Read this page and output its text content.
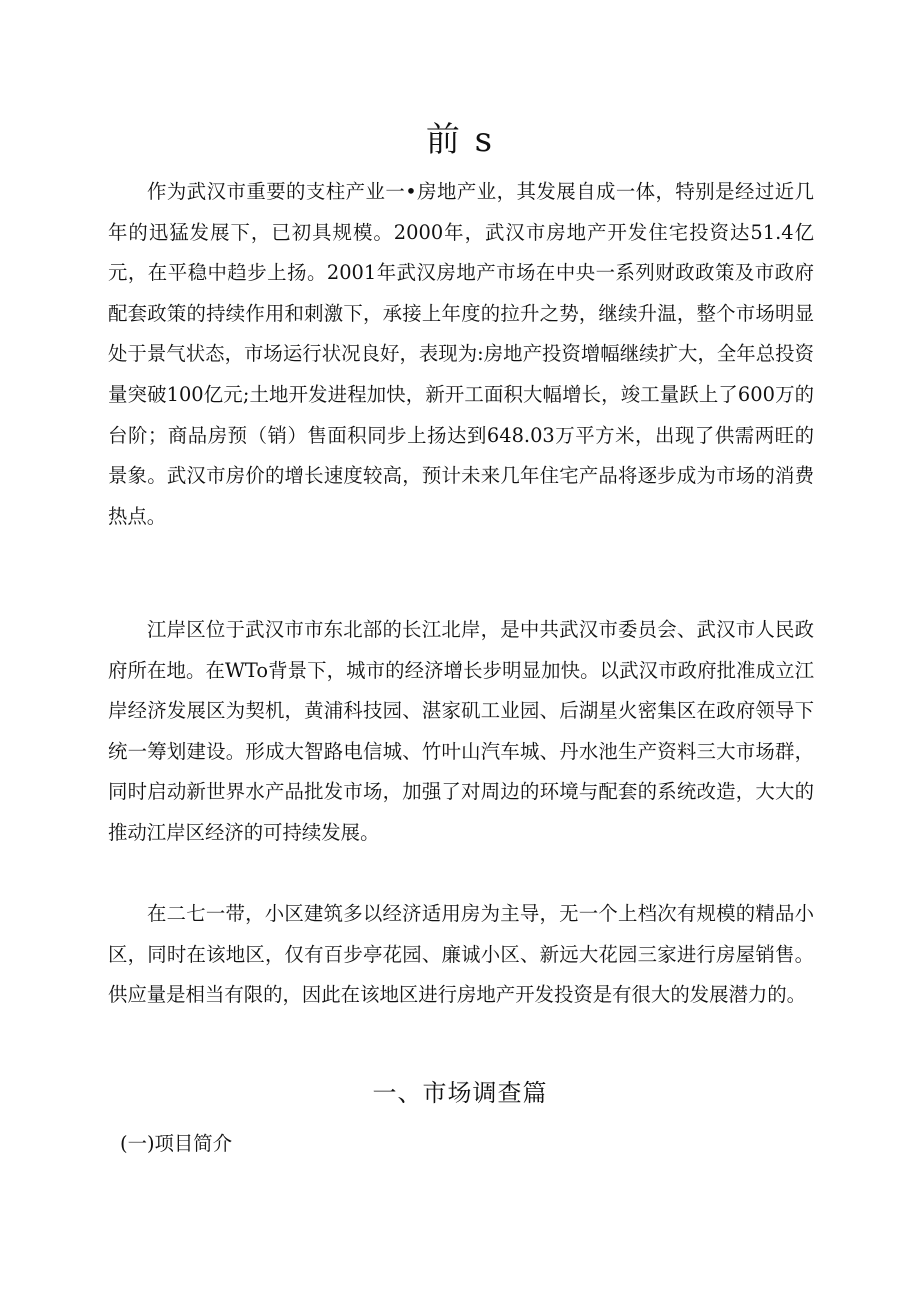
前 s

作为武汉市重要的支柱产业一•房地产业，其发展自成一体，特别是经过近几年的迅猛发展下，已初具规模。2000年，武汉市房地产开发住宅投资达51.4亿元，在平稳中趋步上扬。2001年武汉房地产市场在中央一系列财政政策及市政府配套政策的持续作用和刺激下，承接上年度的拉升之势，继续升温，整个市场明显处于景气状态，市场运行状况良好，表现为:房地产投资增幅继续扩大，全年总投资量突破100亿元;土地开发进程加快，新开工面积大幅增长，竣工量跃上了600万的台阶；商品房预（销）售面积同步上扬达到648.03万平方米，出现了供需两旺的景象。武汉市房价的增长速度较高，预计未来几年住宅产品将逐步成为市场的消费热点。

江岸区位于武汉市市东北部的长江北岸，是中共武汉市委员会、武汉市人民政府所在地。在WTo背景下，城市的经济增长步明显加快。以武汉市政府批准成立江岸经济发展区为契机，黄浦科技园、湛家矶工业园、后湖星火密集区在政府领导下统一筹划建设。形成大智路电信城、竹叶山汽车城、丹水池生产资料三大市场群，同时启动新世界水产品批发市场，加强了对周边的环境与配套的系统改造，大大的推动江岸区经济的可持续发展。

在二七一带，小区建筑多以经济适用房为主导，无一个上档次有规模的精品小区，同时在该地区，仅有百步亭花园、廉诚小区、新远大花园三家进行房屋销售。供应量是相当有限的，因此在该地区进行房地产开发投资是有很大的发展潜力的。

一、市场调查篇
(一)项目简介
